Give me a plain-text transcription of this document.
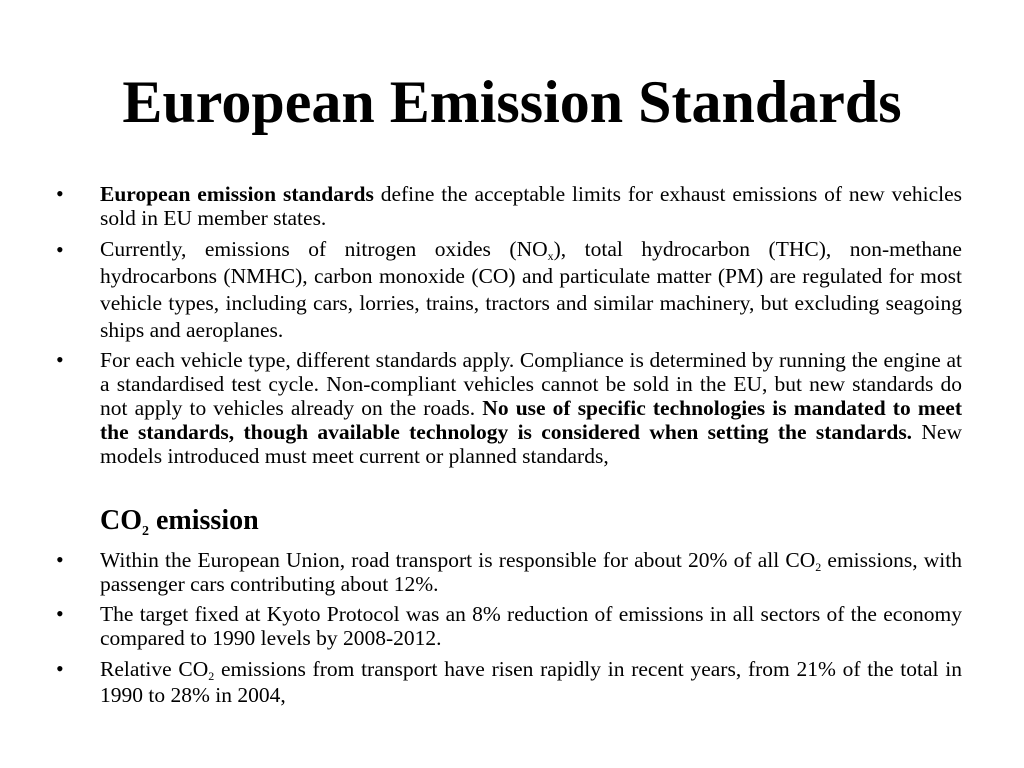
European Emission Standards
• European emission standards define the acceptable limits for exhaust emissions of new vehicles sold in EU member states.
• Currently, emissions of nitrogen oxides $(NO_x)$, total hydrocarbon (THC), non-methane hydrocarbons (NMHC), carbon monoxide (CO) and particulate matter (PM) are regulated for most vehicle types, including cars, lorries, trains, tractors and similar machinery, but excluding seagoing ships and aeroplanes.
• For each vehicle type, different standards apply. Compliance is determined by running the engine at a standardised test cycle. Non-compliant vehicles cannot be sold in the EU, but new standards do not apply to vehicles already on the roads. No use of specific technologies is mandated to meet the standards, though available technology is considered when setting the standards. New models introduced must meet current or planned standards,
$CO_2$ emission
• Within the European Union, road transport is responsible for about 20% of all $CO_2$ emissions, with passenger cars contributing about 12%.
• The target fixed at Kyoto Protocol was an 8% reduction of emissions in all sectors of the economy compared to 1990 levels by 2008-2012.
• Relative $CO_2$ emissions from transport have risen rapidly in recent years, from 21% of the total in 1990 to 28% in 2004,
